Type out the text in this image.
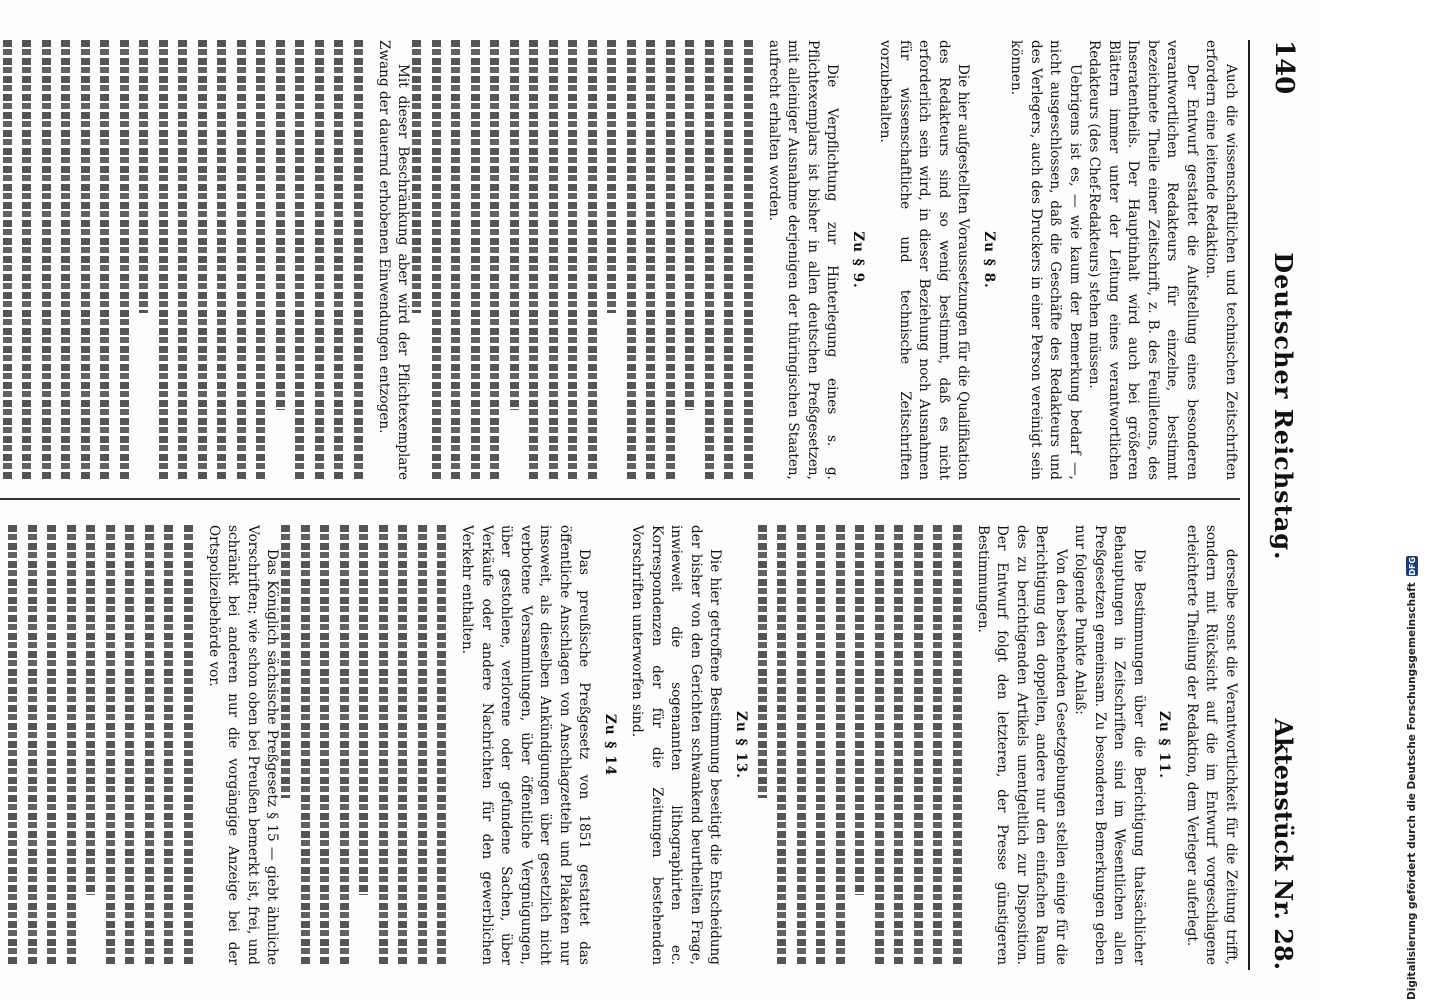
140
Deutscher Reichstag.
Aktenstück Nr. 28.

Auch die wissenschaftlichen und technischen Zeitschriften erfordern eine leitende Redaktion.

Der Entwurf gestattet die Aufstellung eines besonderen verantwortlichen Redakteurs für einzelne, bestimmt bezeichnete Theile einer Zeitschrift, z. B. des Feuilletons, des Inseratentheils. Der Hauptinhalt wird auch bei größeren Blättern immer unter der Leitung eines verantwortlichen Redakteurs (des Chef-Redakteurs) stehen müssen.

Uebrigens ist es, — wie kaum der Bemerkung bedarf —, nicht ausgeschlossen, daß die Geschäfte des Redakteurs und des Verlegers, auch des Druckers in einer Person vereinigt sein können.

Zu § 8.

Die hier aufgestellten Voraussetzungen für die Qualifikation des Redakteurs sind so wenig bestimmt, daß es nicht erforderlich sein wird, in dieser Beziehung noch Ausnahmen für wissenschaftliche und technische Zeitschriften vorzubehalten.

Zu § 9.

Die Verpflichtung zur Hinterlegung eines s. g. Pflichtexemplars ist bisher in allen deutschen Preßgesetzen, mit alleiniger Ausnahme derjenigen der thüringischen Staaten, aufrecht erhalten worden.

Mit dieser Beschränkung aber wird der Pflichtexemplare Zwang der dauernd erhobenen Einwendungen entzogen.

derselbe sonst die Verantwortlichkeit für die Zeitung trifft, sondern mit Rücksicht auf die im Entwurf vorgeschlagene erleichterte Theilung der Redaktion, dem Verleger auferlegt.

Zu § 11.

Die Bestimmungen über die Berichtigung thatsächlicher Behauptungen in Zeitschriften sind im Wesentlichen allen Preßgesetzen gemeinsam. Zu besonderen Bemerkungen geben nur folgende Punkte Anlaß:

Von den bestehenden Gesetzgebungen stellen einige für die Berichtigung den doppelten, andere nur den einfachen Raum des zu berichtigenden Artikels unentgeltlich zur Disposition. Der Entwurf folgt den letzteren, der Presse günstigeren Bestimmungen.

Zu § 13.

Die hier getroffene Bestimmung beseitigt die Entscheidung der bisher von den Gerichten schwankend beurtheilten Frage, inwieweit die sogenannten lithographirten ec. Korrespondenzen der für die Zeitungen bestehenden Vorschriften unterworfen sind.

Zu § 14

Das preußische Preßgesetz von 1851 gestattet das öffentliche Anschlagen von Anschlagzetteln und Plakaten nur insoweit, als dieselben Ankündigungen über gesetzlich nicht verbotene Versammlungen, über öffentliche Vergnügungen, über gestohlene, verlorene oder gefundene Sachen, über Verkäufe oder andere Nachrichten für den gewerblichen Verkehr enthalten.

Das Königlich sächsische Preßgesetz § 15 — giebt ähnliche Vorschriften; wie schon oben bei Preußen bemerkt ist, frei, und schränkt bei anderen nur die vorgängige Anzeige bei der Ortspolizeibehörde vor.	Digitalisierung gefördert durch die Deutsche Forschungsgemeinschaft
DFG
